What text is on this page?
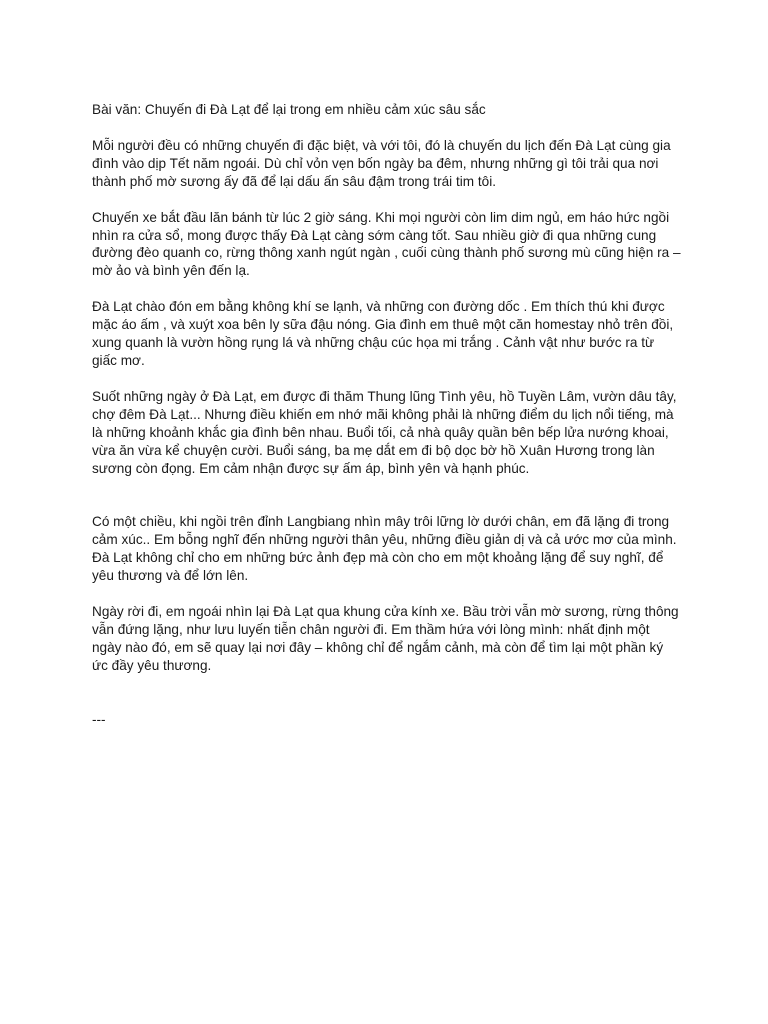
Bài văn: Chuyến đi Đà Lạt để lại trong em nhiều cảm xúc sâu sắc

Mỗi người đều có những chuyến đi đặc biệt, và với tôi, đó là chuyến du lịch đến Đà Lạt cùng gia đình vào dịp Tết năm ngoái. Dù chỉ vỏn vẹn bốn ngày ba đêm, nhưng những gì tôi trải qua nơi thành phố mờ sương ấy đã để lại dấu ấn sâu đậm trong trái tim tôi.

Chuyến xe bắt đầu lăn bánh từ lúc 2 giờ sáng. Khi mọi người còn lim dim ngủ, em háo hức ngồi nhìn ra cửa sổ, mong được thấy Đà Lạt càng sớm càng tốt. Sau nhiều giờ đi qua những cung đường đèo quanh co, rừng thông xanh ngút ngàn , cuối cùng thành phố sương mù cũng hiện ra – mờ ảo và bình yên đến lạ.

Đà Lạt chào đón em bằng không khí se lạnh, và những con đường dốc . Em thích thú khi được mặc áo ấm , và xuýt xoa bên ly sữa đậu nóng. Gia đình em thuê một căn homestay nhỏ trên đồi, xung quanh là vườn hồng rụng lá và những chậu cúc họa mi trắng . Cảnh vật như bước ra từ giấc mơ.

Suốt những ngày ở Đà Lạt, em được đi thăm Thung lũng Tình yêu, hồ Tuyền Lâm, vườn dâu tây, chợ đêm Đà Lạt... Nhưng điều khiến em nhớ mãi không phải là những điểm du lịch nổi tiếng, mà là những khoảnh khắc gia đình bên nhau. Buổi tối, cả nhà quây quần bên bếp lửa nướng khoai, vừa ăn vừa kể chuyện cười. Buổi sáng, ba mẹ dắt em đi bộ dọc bờ hồ Xuân Hương trong làn sương còn đọng. Em cảm nhận được sự ấm áp, bình yên và hạnh phúc.

Có một chiều, khi ngồi trên đỉnh Langbiang nhìn mây trôi lững lờ dưới chân, em đã lặng đi trong cảm xúc.. Em bỗng nghĩ đến những người thân yêu, những điều giản dị và cả ước mơ của mình. Đà Lạt không chỉ cho em những bức ảnh đẹp mà còn cho em một khoảng lặng để suy nghĩ, để yêu thương và để lớn lên.

Ngày rời đi, em ngoái nhìn lại Đà Lạt qua khung cửa kính xe. Bầu trời vẫn mờ sương, rừng thông vẫn đứng lặng, như lưu luyến tiễn chân người đi. Em thầm hứa với lòng mình: nhất định một ngày nào đó, em sẽ quay lại nơi đây – không chỉ để ngắm cảnh, mà còn để tìm lại một phần ký ức đầy yêu thương.

---
